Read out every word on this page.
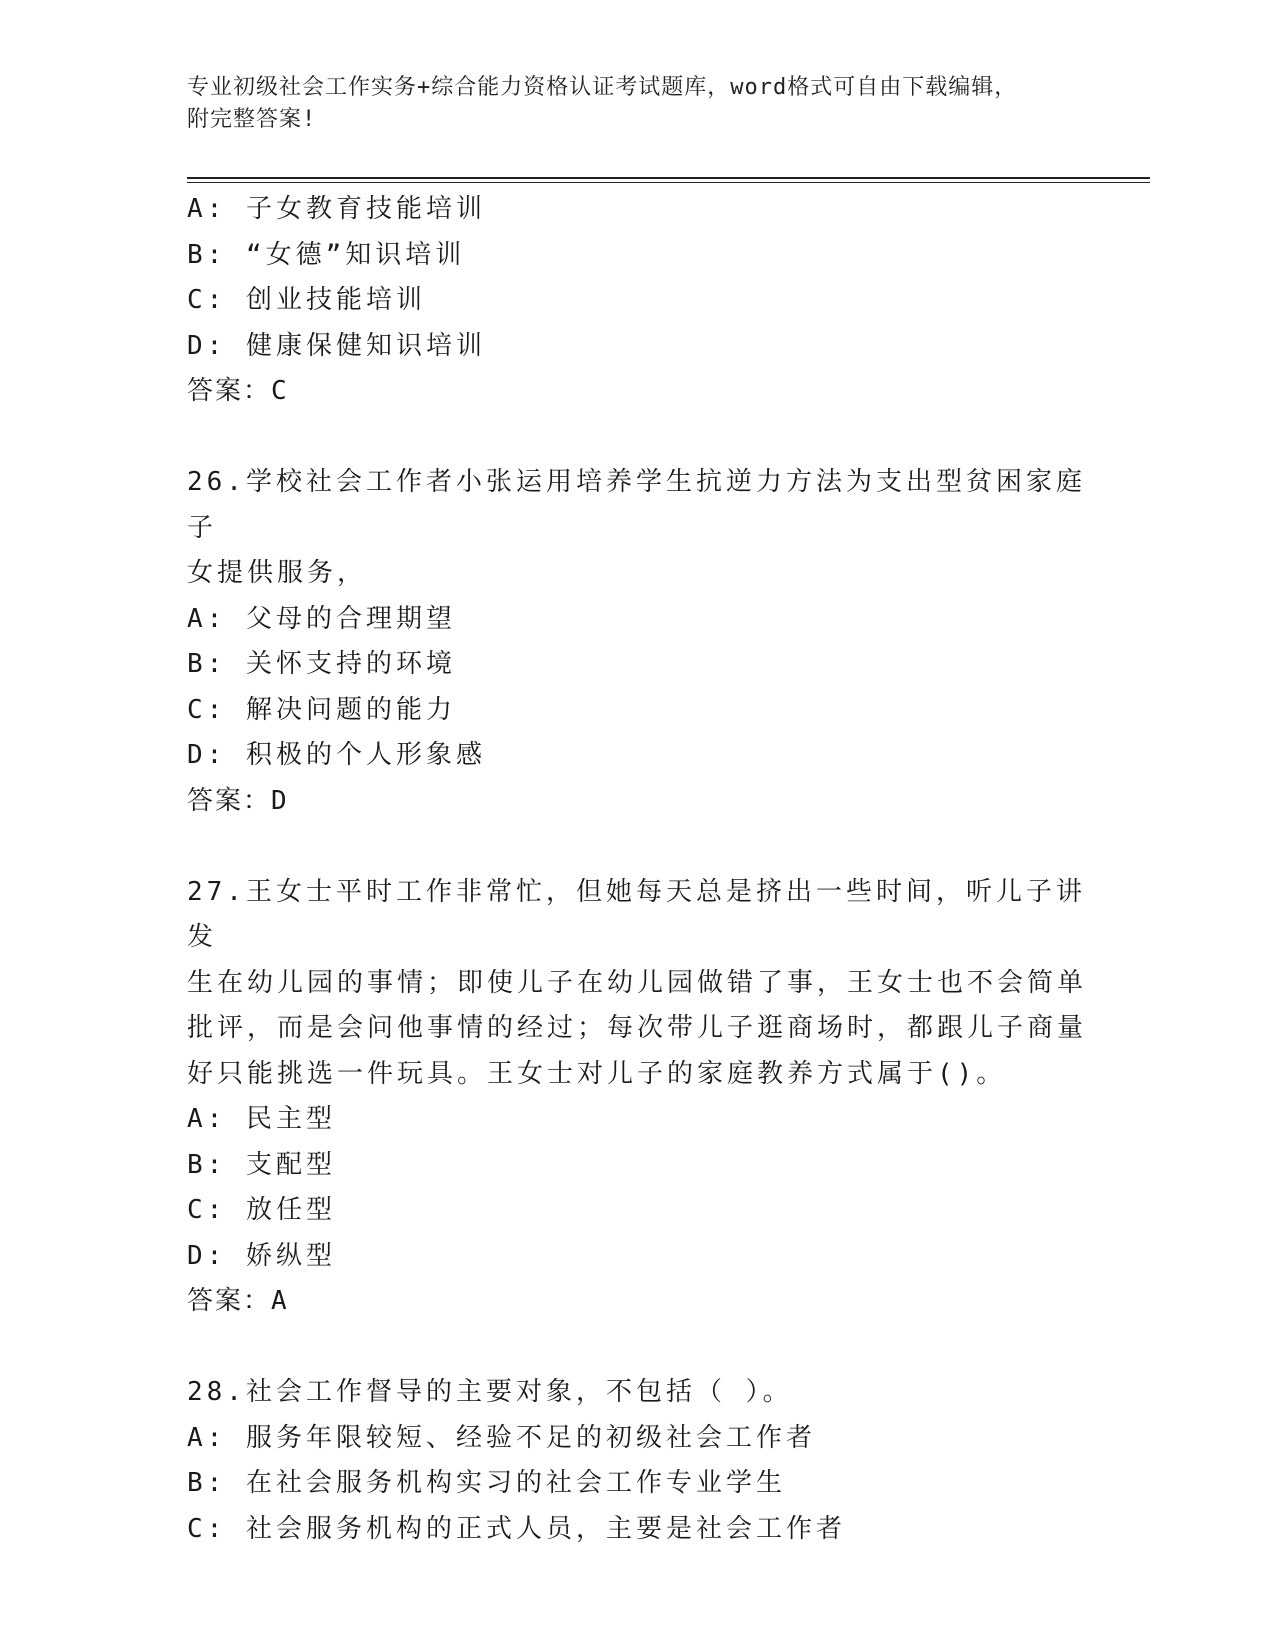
专业初级社会工作实务+综合能力资格认证考试题库，word格式可自由下载编辑，
附完整答案!

A: 子女教育技能培训

B: “女德”知识培训

C: 创业技能培训

D: 健康保健知识培训

答案：C

26.学校社会工作者小张运用培养学生抗逆力方法为支出型贫困家庭子

女提供服务，

A: 父母的合理期望

B: 关怀支持的环境

C: 解决问题的能力

D: 积极的个人形象感

答案：D

27.王女士平时工作非常忙，但她每天总是挤出一些时间，听儿子讲发

生在幼儿园的事情；即使儿子在幼儿园做错了事，王女士也不会简单

批评，而是会问他事情的经过；每次带儿子逛商场时，都跟儿子商量

好只能挑选一件玩具。王女士对儿子的家庭教养方式属于()。

A: 民主型

B: 支配型

C: 放任型

D: 娇纵型

答案：A

28.社会工作督导的主要对象，不包括（ ）。

A: 服务年限较短、经验不足的初级社会工作者

B: 在社会服务机构实习的社会工作专业学生

C: 社会服务机构的正式人员，主要是社会工作者
